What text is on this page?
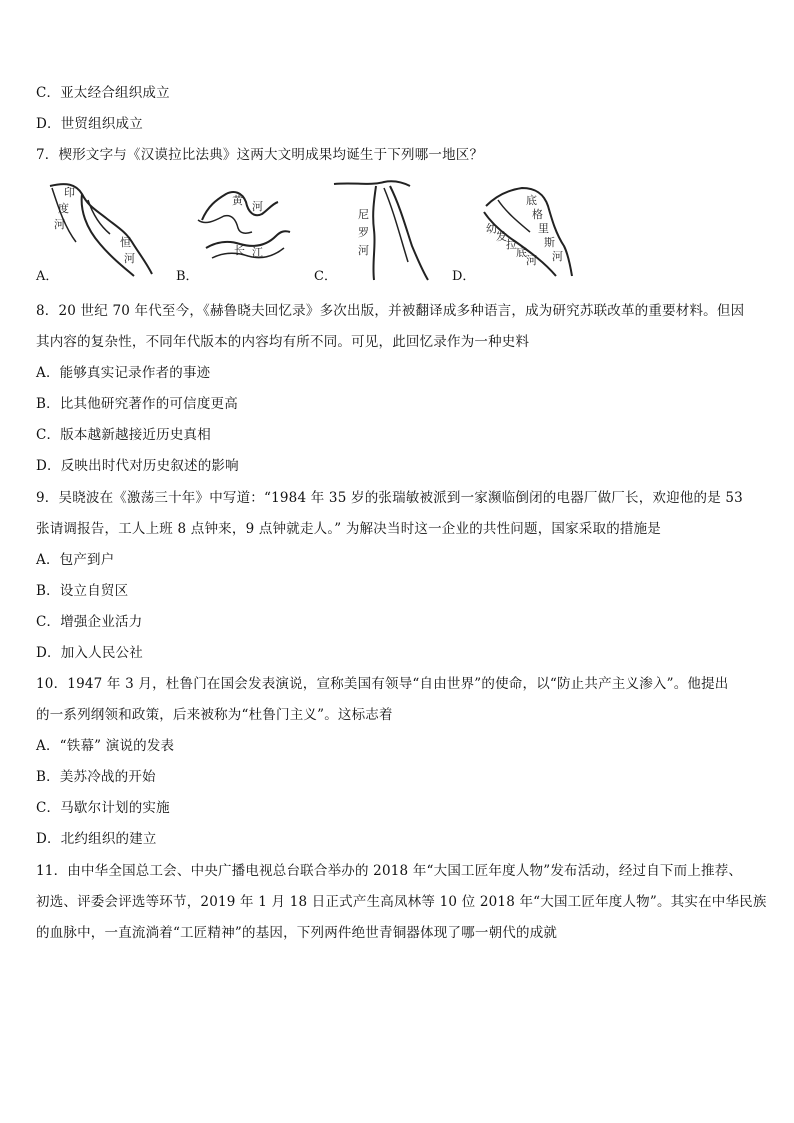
C．亚太经合组织成立
D．世贸组织成立
7．楔形文字与《汉谟拉比法典》这两大文明成果均诞生于下列哪一地区？
A．
印
度
河
恒
河
B．
黄 河
长 江
C．
尼
罗
河
D．
幼
发
拉
底
河
底
格
里
斯
河
8．20 世纪 70 年代至今，《赫鲁晓夫回忆录》多次出版，并被翻译成多种语言，成为研究苏联改革的重要材料。但因
其内容的复杂性，不同年代版本的内容均有所不同。可见，此回忆录作为一种史料
A．能够真实记录作者的事迹
B．比其他研究著作的可信度更高
C．版本越新越接近历史真相
D．反映出时代对历史叙述的影响
9．吴晓波在《激荡三十年》中写道：“1984 年 35 岁的张瑞敏被派到一家濒临倒闭的电器厂做厂长，欢迎他的是 53
张请调报告，工人上班 8 点钟来，9 点钟就走人。” 为解决当时这一企业的共性问题，国家采取的措施是
A．包产到户
B．设立自贸区
C．增强企业活力
D．加入人民公社
10．1947 年 3 月，杜鲁门在国会发表演说，宣称美国有领导“自由世界”的使命，以“防止共产主义渗入”。他提出
的一系列纲领和政策，后来被称为“杜鲁门主义”。这标志着
A．“铁幕” 演说的发表
B．美苏冷战的开始
C．马歇尔计划的实施
D．北约组织的建立
11．由中华全国总工会、中央广播电视总台联合举办的 2018 年“大国工匠年度人物”发布活动，经过自下而上推荐、
初选、评委会评选等环节，2019 年 1 月 18 日正式产生高凤林等 10 位 2018 年“大国工匠年度人物”。其实在中华民族
的血脉中，一直流淌着“工匠精神”的基因，下列两件绝世青铜器体现了哪一朝代的成就
